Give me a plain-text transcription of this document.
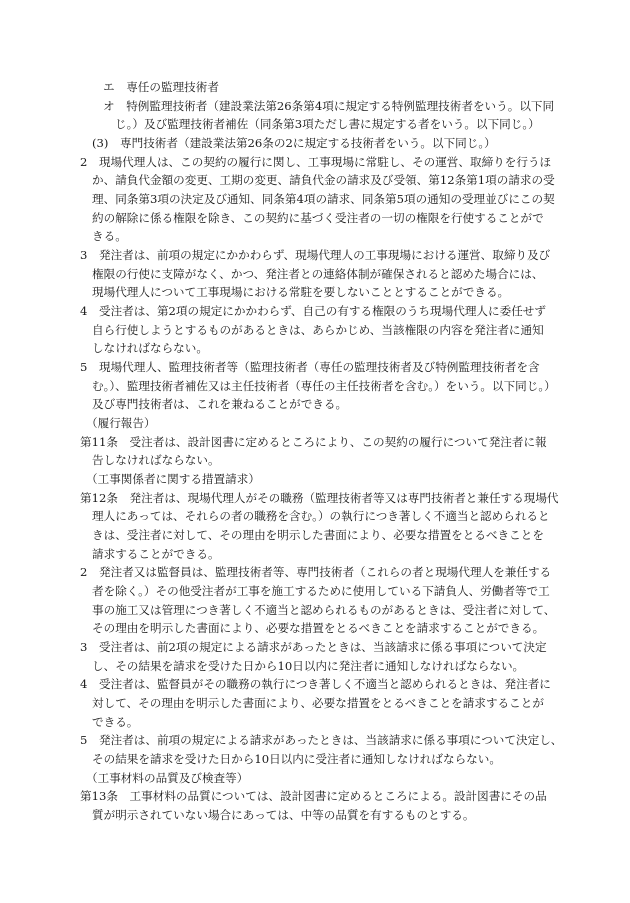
エ　専任の監理技術者
オ　特例監理技術者（建設業法第26条第4項に規定する特例監理技術者をいう。以下同
じ。）及び監理技術者補佐（同条第3項ただし書に規定する者をいう。以下同じ。）
(3)　専門技術者（建設業法第26条の2に規定する技術者をいう。以下同じ。）
2　現場代理人は、この契約の履行に関し、工事現場に常駐し、その運営、取締りを行うほ
か、請負代金額の変更、工期の変更、請負代金の請求及び受領、第12条第1項の請求の受
理、同条第3項の決定及び通知、同条第4項の請求、同条第5項の通知の受理並びにこの契
約の解除に係る権限を除き、この契約に基づく受注者の一切の権限を行使することがで
きる。
3　発注者は、前項の規定にかかわらず、現場代理人の工事現場における運営、取締り及び
権限の行使に支障がなく、かつ、発注者との連絡体制が確保されると認めた場合には、
現場代理人について工事現場における常駐を要しないこととすることができる。
4　受注者は、第2項の規定にかかわらず、自己の有する権限のうち現場代理人に委任せず
自ら行使しようとするものがあるときは、あらかじめ、当該権限の内容を発注者に通知
しなければならない。
5　現場代理人、監理技術者等（監理技術者（専任の監理技術者及び特例監理技術者を含
む。）、監理技術者補佐又は主任技術者（専任の主任技術者を含む。）をいう。以下同じ。）
及び専門技術者は、これを兼ねることができる。
（履行報告）
第11条　受注者は、設計図書に定めるところにより、この契約の履行について発注者に報
告しなければならない。
（工事関係者に関する措置請求）
第12条　発注者は、現場代理人がその職務（監理技術者等又は専門技術者と兼任する現場代
理人にあっては、それらの者の職務を含む。）の執行につき著しく不適当と認められると
きは、受注者に対して、その理由を明示した書面により、必要な措置をとるべきことを
請求することができる。
2　発注者又は監督員は、監理技術者等、専門技術者（これらの者と現場代理人を兼任する
者を除く。）その他受注者が工事を施工するために使用している下請負人、労働者等で工
事の施工又は管理につき著しく不適当と認められるものがあるときは、受注者に対して、
その理由を明示した書面により、必要な措置をとるべきことを請求することができる。
3　受注者は、前2項の規定による請求があったときは、当該請求に係る事項について決定
し、その結果を請求を受けた日から10日以内に発注者に通知しなければならない。
4　受注者は、監督員がその職務の執行につき著しく不適当と認められるときは、発注者に
対して、その理由を明示した書面により、必要な措置をとるべきことを請求することが
できる。
5　発注者は、前項の規定による請求があったときは、当該請求に係る事項について決定し、
その結果を請求を受けた日から10日以内に受注者に通知しなければならない。
（工事材料の品質及び検査等）
第13条　工事材料の品質については、設計図書に定めるところによる。設計図書にその品
質が明示されていない場合にあっては、中等の品質を有するものとする。
